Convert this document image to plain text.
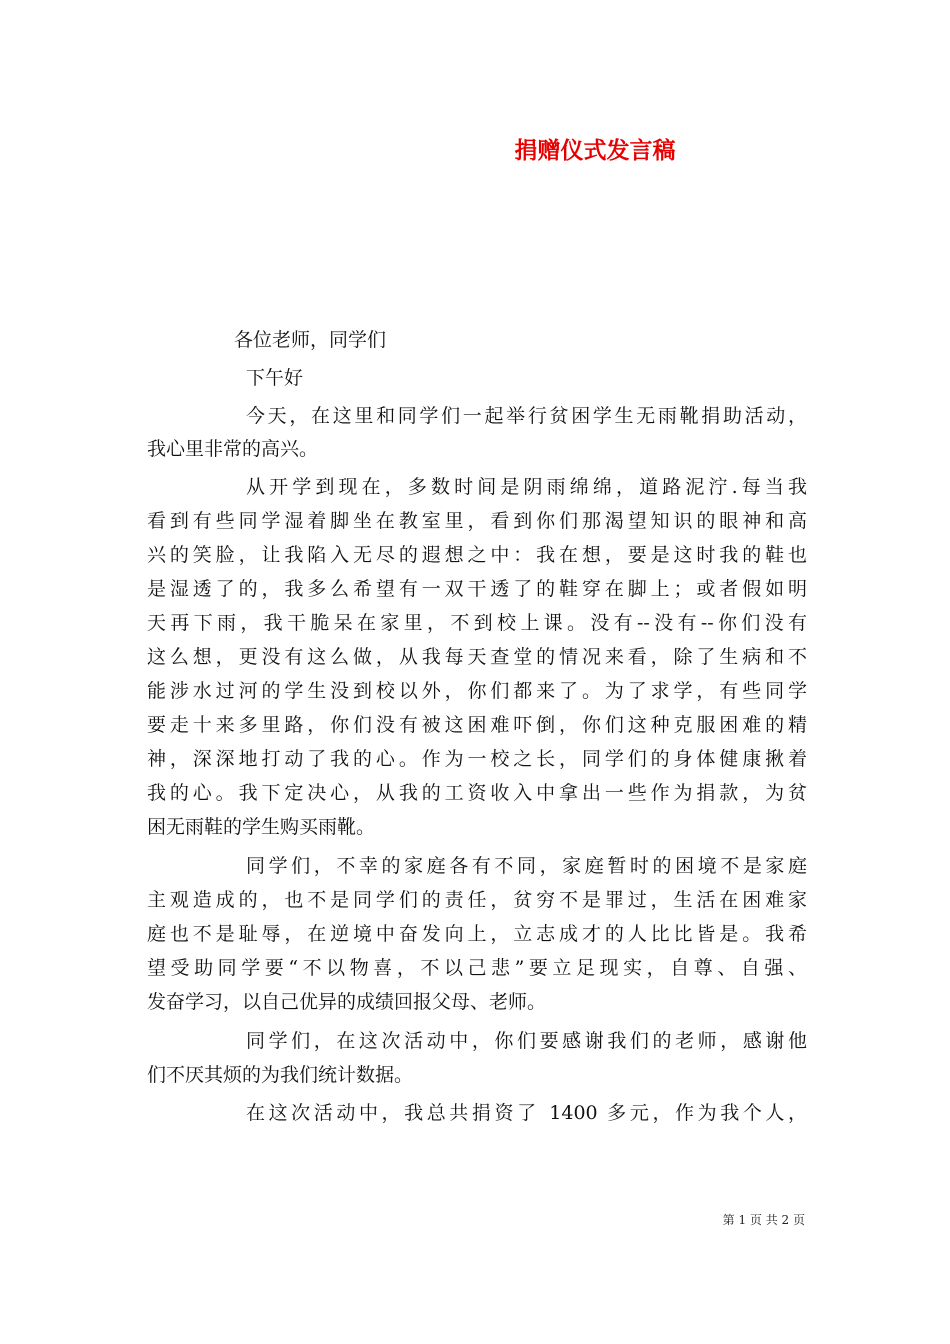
捐赠仪式发言稿
各位老师，同学们
下午好
今天，在这里和同学们一起举行贫困学生无雨靴捐助活动，
我心里非常的高兴。
从开学到现在，多数时间是阴雨绵绵，道路泥泞.每当我
看到有些同学湿着脚坐在教室里，看到你们那渴望知识的眼神和高
兴的笑脸，让我陷入无尽的遐想之中：我在想，要是这时我的鞋也
是湿透了的，我多么希望有一双干透了的鞋穿在脚上；或者假如明
天再下雨，我干脆呆在家里，不到校上课。没有--没有--你们没有
这么想，更没有这么做，从我每天查堂的情况来看，除了生病和不
能涉水过河的学生没到校以外，你们都来了。为了求学，有些同学
要走十来多里路，你们没有被这困难吓倒，你们这种克服困难的精
神，深深地打动了我的心。作为一校之长，同学们的身体健康揪着
我的心。我下定决心，从我的工资收入中拿出一些作为捐款，为贫
困无雨鞋的学生购买雨靴。
同学们，不幸的家庭各有不同，家庭暂时的困境不是家庭
主观造成的，也不是同学们的责任，贫穷不是罪过，生活在困难家
庭也不是耻辱，在逆境中奋发向上，立志成才的人比比皆是。我希
望受助同学要“不以物喜，不以己悲”要立足现实，自尊、自强、
发奋学习，以自己优异的成绩回报父母、老师。
同学们，在这次活动中，你们要感谢我们的老师，感谢他
们不厌其烦的为我们统计数据。
在这次活动中，我总共捐资了 1400 多元，作为我个人，
第 1 页 共 2 页
